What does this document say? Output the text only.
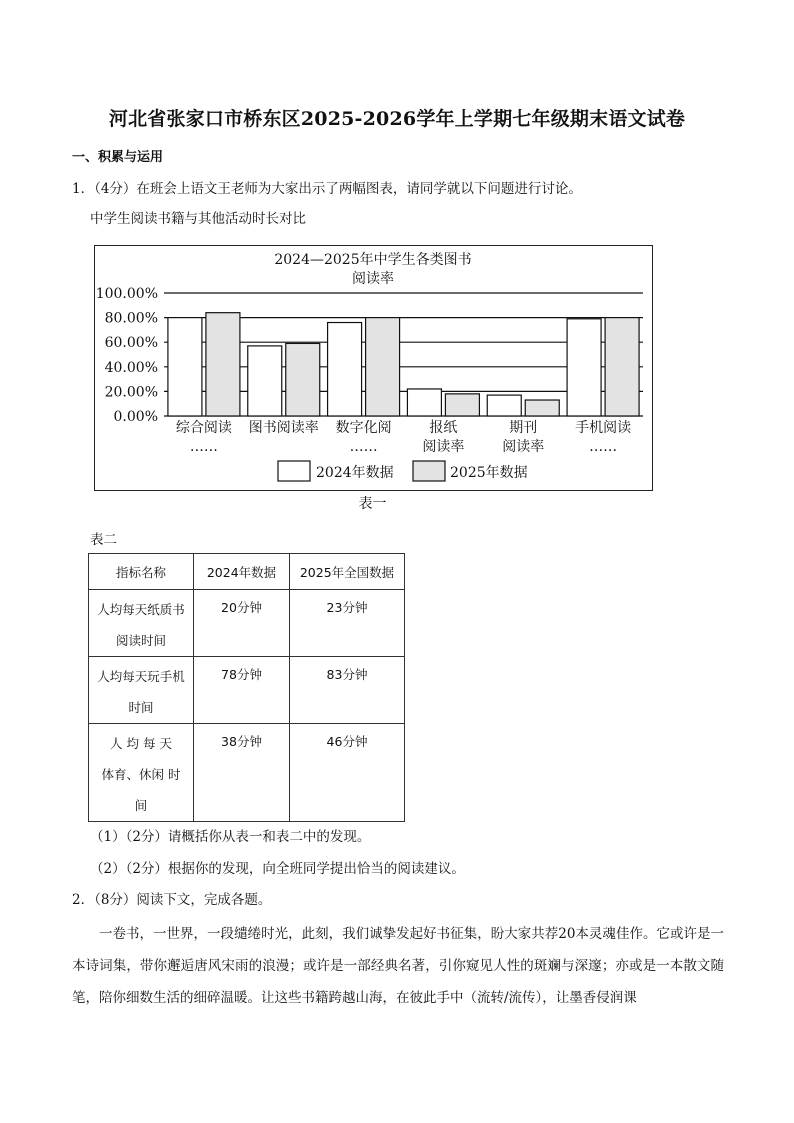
河北省张家口市桥东区2025-2026学年上学期七年级期末语文试卷
一、积累与运用
1．（4分）在班会上语文王老师为大家出示了两幅图表，请同学就以下问题进行讨论。
中学生阅读书籍与其他活动时长对比
2024—2025年中学生各类图书
阅读率
0.00%
20.00%
40.00%
60.00%
80.00%
100.00%
综合阅读
……
图书阅读率 数字化阅
……
报纸
阅读率
期刊
阅读率
手机阅读
……
2024年数据	2025年数据
表一
表二
指标名称	2024年数据	2025年全国数据

人均每天纸质书
阅读时间	20分钟	23分钟

人均每天玩手机
时间	78分钟	83分钟

人 均 每 天
体育、休闲 时
间	38分钟	46分钟
（1）（2分）请概括你从表一和表二中的发现。
（2）（2分）根据你的发现，向全班同学提出恰当的阅读建议。
2．（8分）阅读下文，完成各题。
一卷书，一世界，一段缱绻时光，此刻，我们诚挚发起好书征集，盼大家共荐20本灵魂佳作。它或许是一本诗词集，带你邂逅唐风宋雨的浪漫；或许是一部经典名著，引你窥见人性的斑斓与深邃；亦或是一本散文随笔，陪你细数生活的细碎温暖。让这些书籍跨越山海，在彼此手中（流转/流传），让墨香侵润课
